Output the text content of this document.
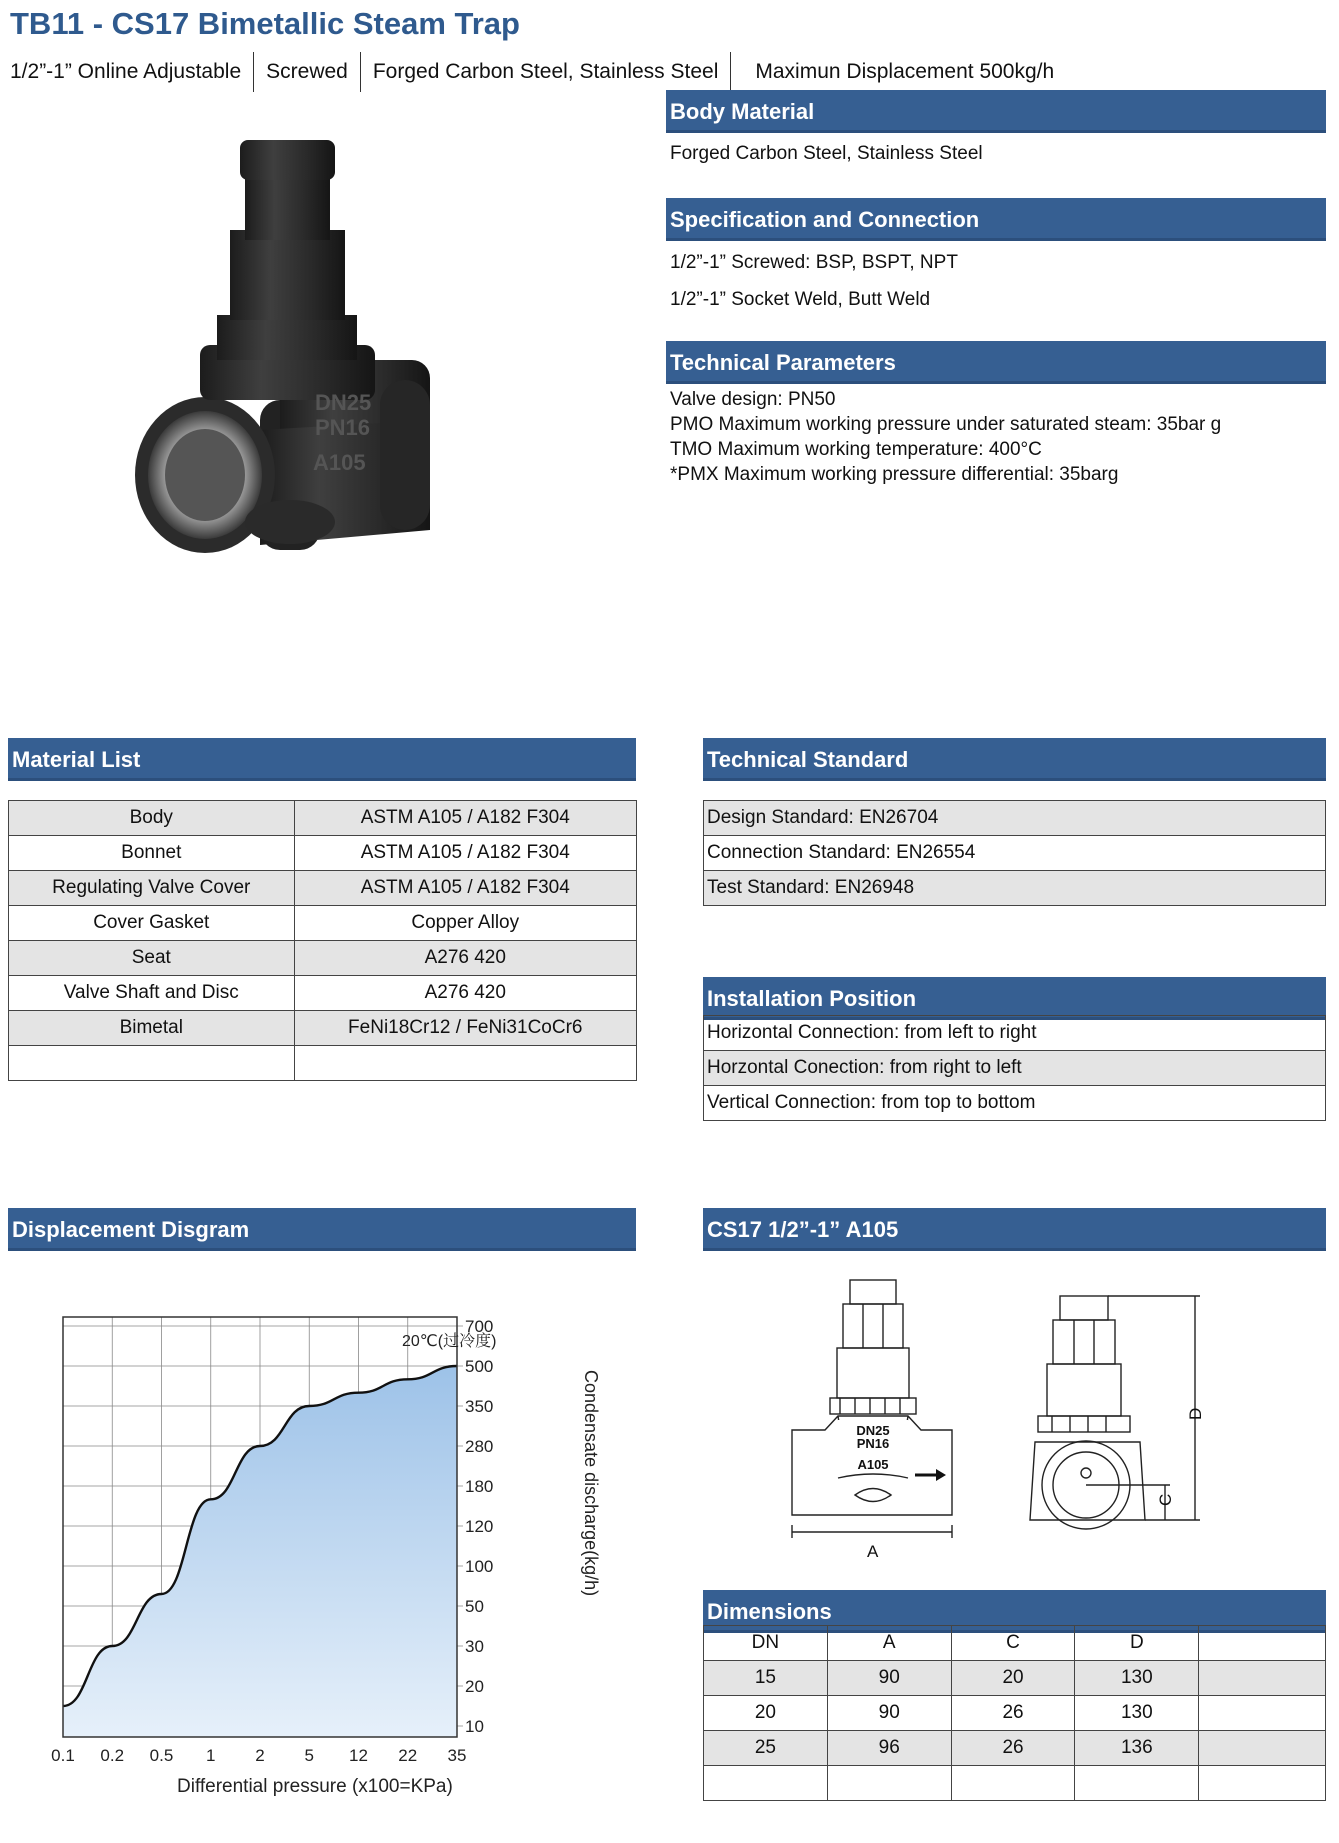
TB11 - CS17 Bimetallic Steam Trap
1/2”-1” Online Adjustable	Screwed	Forged Carbon Steel, Stainless Steel	Maximun Displacement 500kg/h
DN25
PN16
A105
Body Material
Forged Carbon Steel, Stainless Steel
Specification and Connection
1/2”-1” Screwed: BSP, BSPT, NPT
1/2”-1” Socket Weld, Butt Weld
Technical Parameters
Valve design: PN50
PMO Maximum working pressure under saturated steam: 35bar g
TMO Maximum working temperature: 400°C
*PMX Maximum working pressure differential: 35barg
Material List
Body	ASTM A105 / A182 F304
Bonnet	ASTM A105 / A182 F304
Regulating Valve Cover	ASTM A105 / A182 F304
Cover Gasket	Copper Alloy
Seat	A276 420
Valve Shaft and Disc	A276 420
Bimetal	FeNi18Cr12 / FeNi31CoCr6

Technical Standard
Design Standard: EN26704
Connection Standard: EN26554
Test Standard: EN26948
Installation Position
Horizontal Connection: from left to right
Horzontal Conection: from right to left
Vertical Connection: from top to bottom
Displacement Disgram
0.1 0.2 0.5 1 2 5 12 22 35
700
500
350
280
180
120
100
50
30
20
10
20℃(过冷度)
Condensate discharge(kg/h)
Differential pressure (x100=KPa)
CS17 1/2”-1” A105
DN25
PN16
A105
A
C
D
Dimensions
DN	A	C	D	
15	90	20	130	
20	90	26	130	
25	96	26	136	
